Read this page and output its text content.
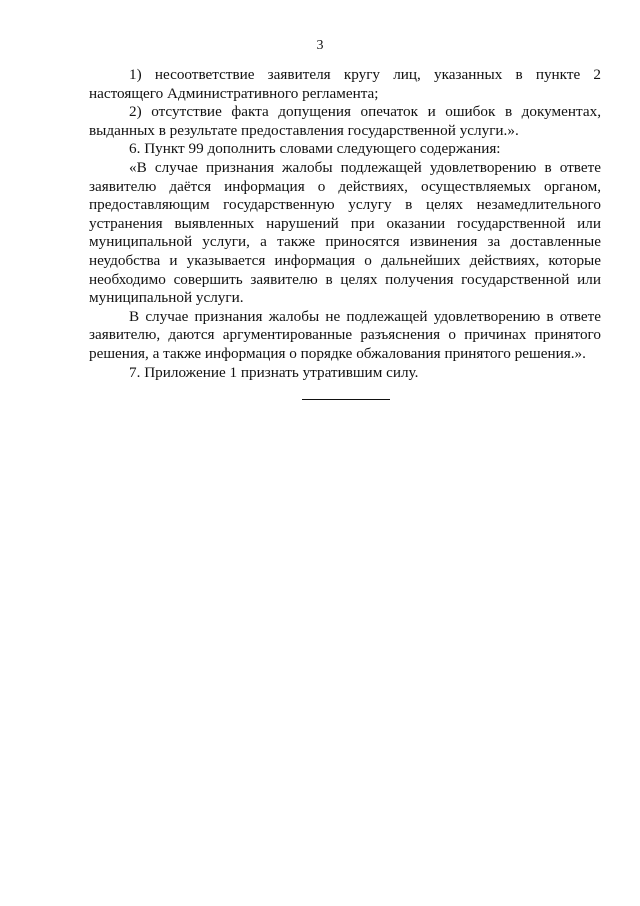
3

1) несоответствие заявителя кругу лиц, указанных в пункте 2 настоящего Административного регламента;

2) отсутствие факта допущения опечаток и ошибок в документах, выданных в результате предоставления государственной услуги.».

6. Пункт 99 дополнить словами следующего содержания:

«В случае признания жалобы подлежащей удовлетворению в ответе заявителю даётся информация о действиях, осуществляемых органом, предоставляющим государственную услугу в целях незамедлительного устранения выявленных нарушений при оказании государственной или муниципальной услуги, а также приносятся извинения за доставленные неудобства и указывается информация о дальнейших действиях, которые необходимо совершить заявителю в целях получения государственной или муниципальной услуги.

В случае признания жалобы не подлежащей удовлетворению в ответе заявителю, даются аргументированные разъяснения о причинах принятого решения, а также информация о порядке обжалования принятого решения.».

7. Приложение 1 признать утратившим силу.
